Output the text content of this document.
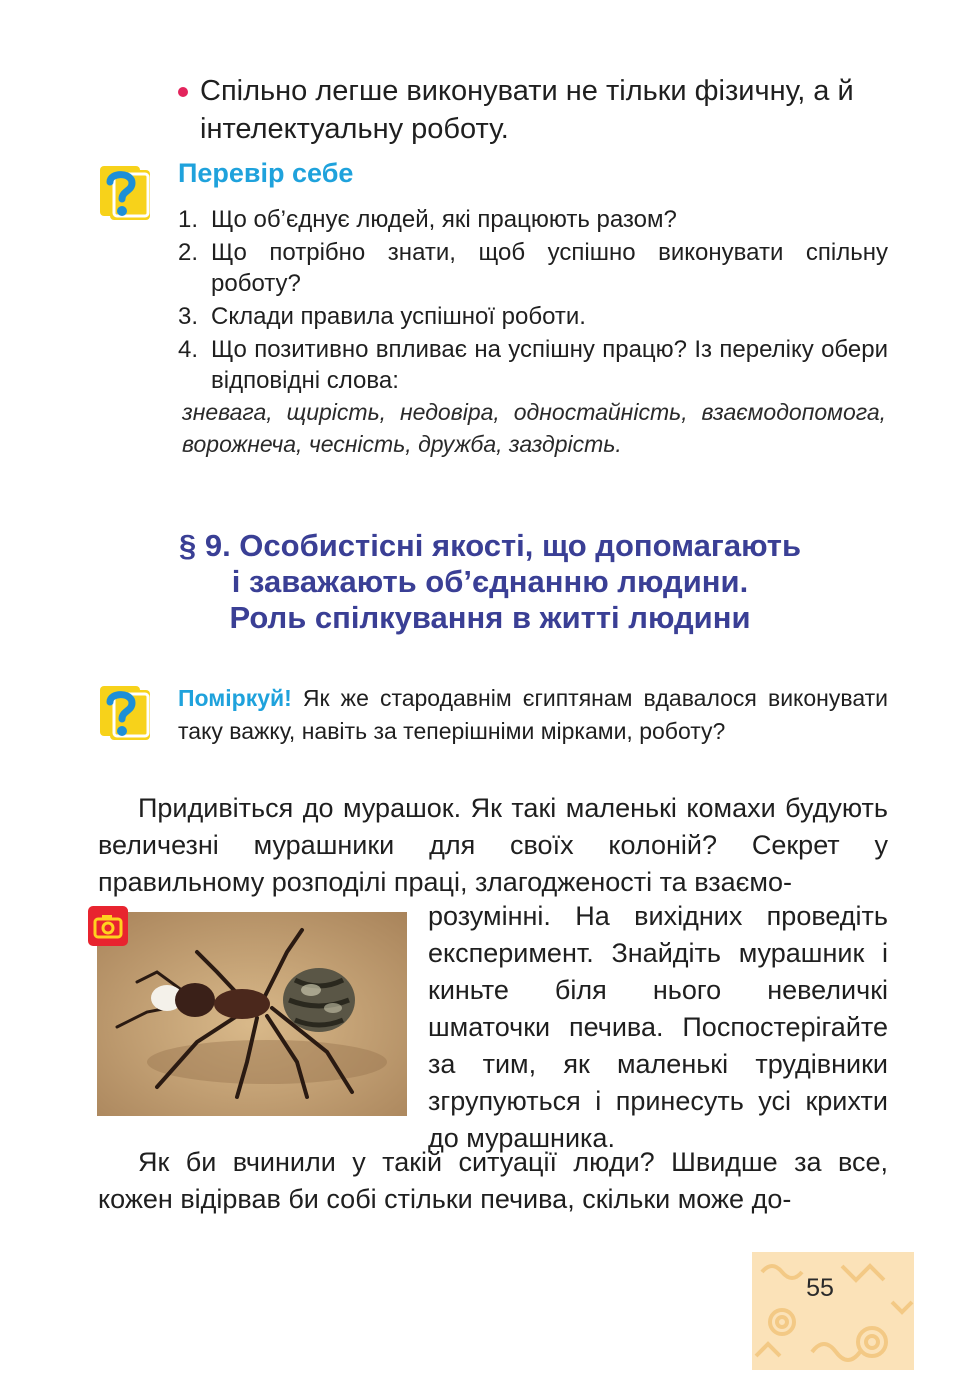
Спільно легше виконувати не тільки фізичну, а й інтелектуальну роботу.
Перевір себе
1. Що об’єднує людей, які працюють разом?
2. Що потрібно знати, щоб успішно виконувати спільну роботу?
3. Склади правила успішної роботи.
4. Що позитивно впливає на успішну працю? Із переліку обери відповідні слова:
зневага, щирість, недовіра, одностайність, взаємодопомога, ворожнеча, чесність, дружба, заздрість.
§ 9. Особистісні якості, що допомагають
і заважають об’єднанню людини.
Роль спілкування в житті людини
Поміркуй! Як же стародавнім єгиптянам вдавалося виконувати таку важку, навіть за теперішніми мірками, роботу?
Придивіться до мурашок. Як такі маленькі комахи будують величезні мурашники для своїх колоній? Секрет у правильному розподілі праці, злагодженості та взаємо-
розумінні. На вихідних проведіть експеримент. Знайдіть мурашник і киньте біля нього невеличкі шматочки печива. Поспостерігайте за тим, як маленькі трудівники згрупуються і принесуть усі крихти до мурашника.
Як би вчинили у такій ситуації люди? Швидше за все, кожен відірвав би собі стільки печива, скільки може до-
55
